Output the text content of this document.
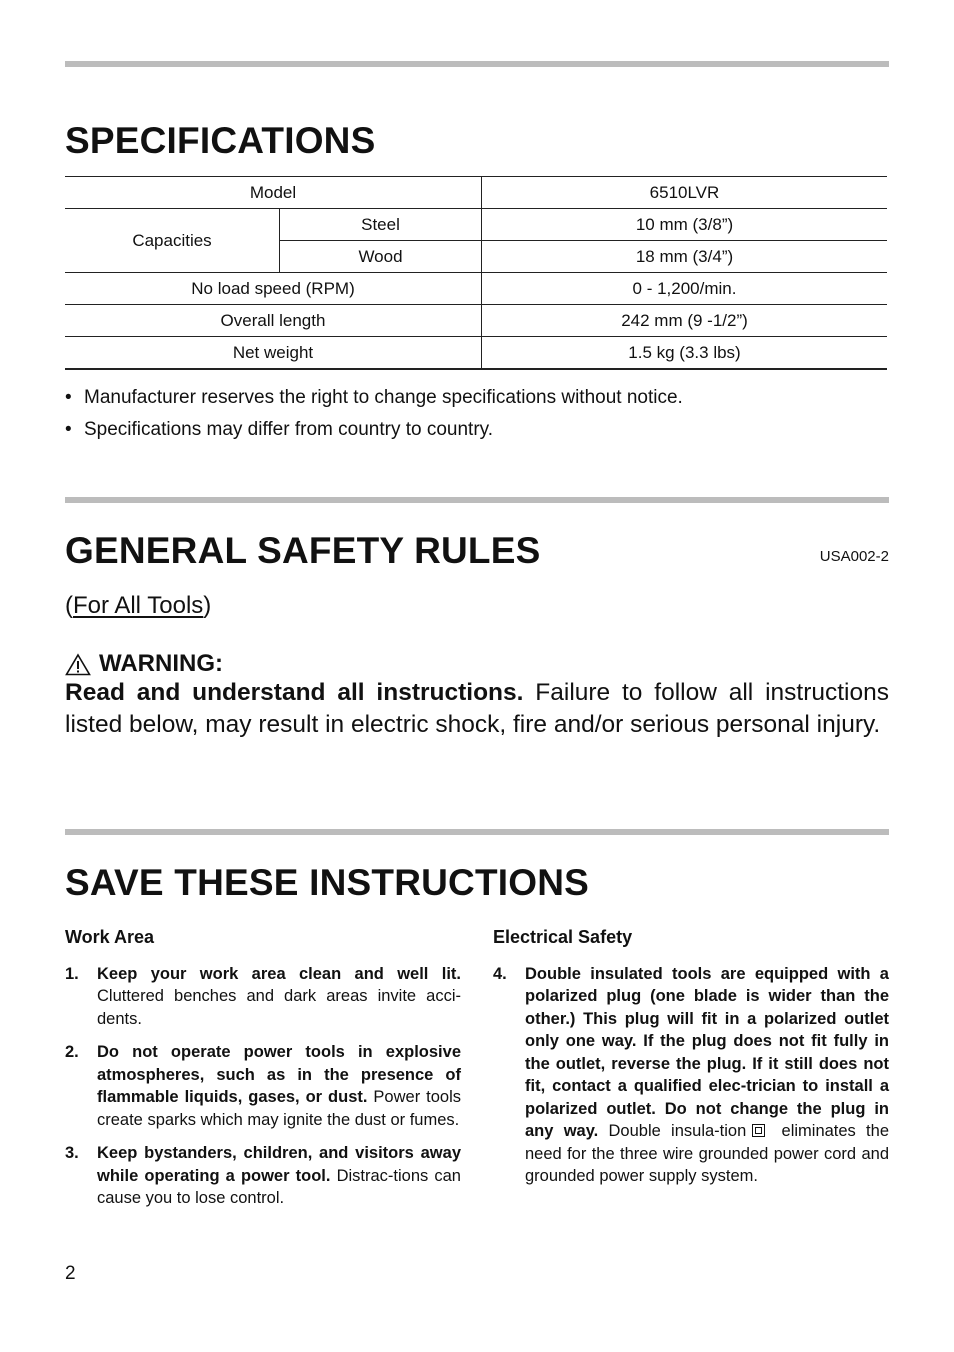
SPECIFICATIONS
Model		6510LVR
Capacities	Steel	10 mm (3/8”)
	Wood	18 mm (3/4”)
No load speed (RPM)		0 - 1,200/min.
Overall length		242 mm (9 -1/2”)
Net weight		1.5 kg (3.3 lbs)
• Manufacturer reserves the right to change specifications without notice.
• Specifications may differ from country to country.
GENERAL SAFETY RULES	USA002-2
(For All Tools)
WARNING:

Read and understand all instructions. Failure to follow all instructions listed below, may result in electric shock, fire and/or serious personal injury.

SAVE THESE INSTRUCTIONS
Work Area
1.	Keep your work area clean and well lit. Cluttered benches and dark areas invite acci-dents.
2.	Do not operate power tools in explosive atmospheres, such as in the presence of flammable liquids, gases, or dust. Power tools create sparks which may ignite the dust or fumes.
3.	Keep bystanders, children, and visitors away while operating a power tool. Distrac-tions can cause you to lose control.
Electrical Safety
4.	Double insulated tools are equipped with a polarized plug (one blade is wider than the other.) This plug will fit in a polarized outlet only one way. If the plug does not fit fully in the outlet, reverse the plug. If it still does not fit, contact a qualified elec-trician to install a polarized outlet. Do not change the plug in any way. Double insula-tion eliminates the need for the three wire grounded power cord and grounded power supply system.
2
